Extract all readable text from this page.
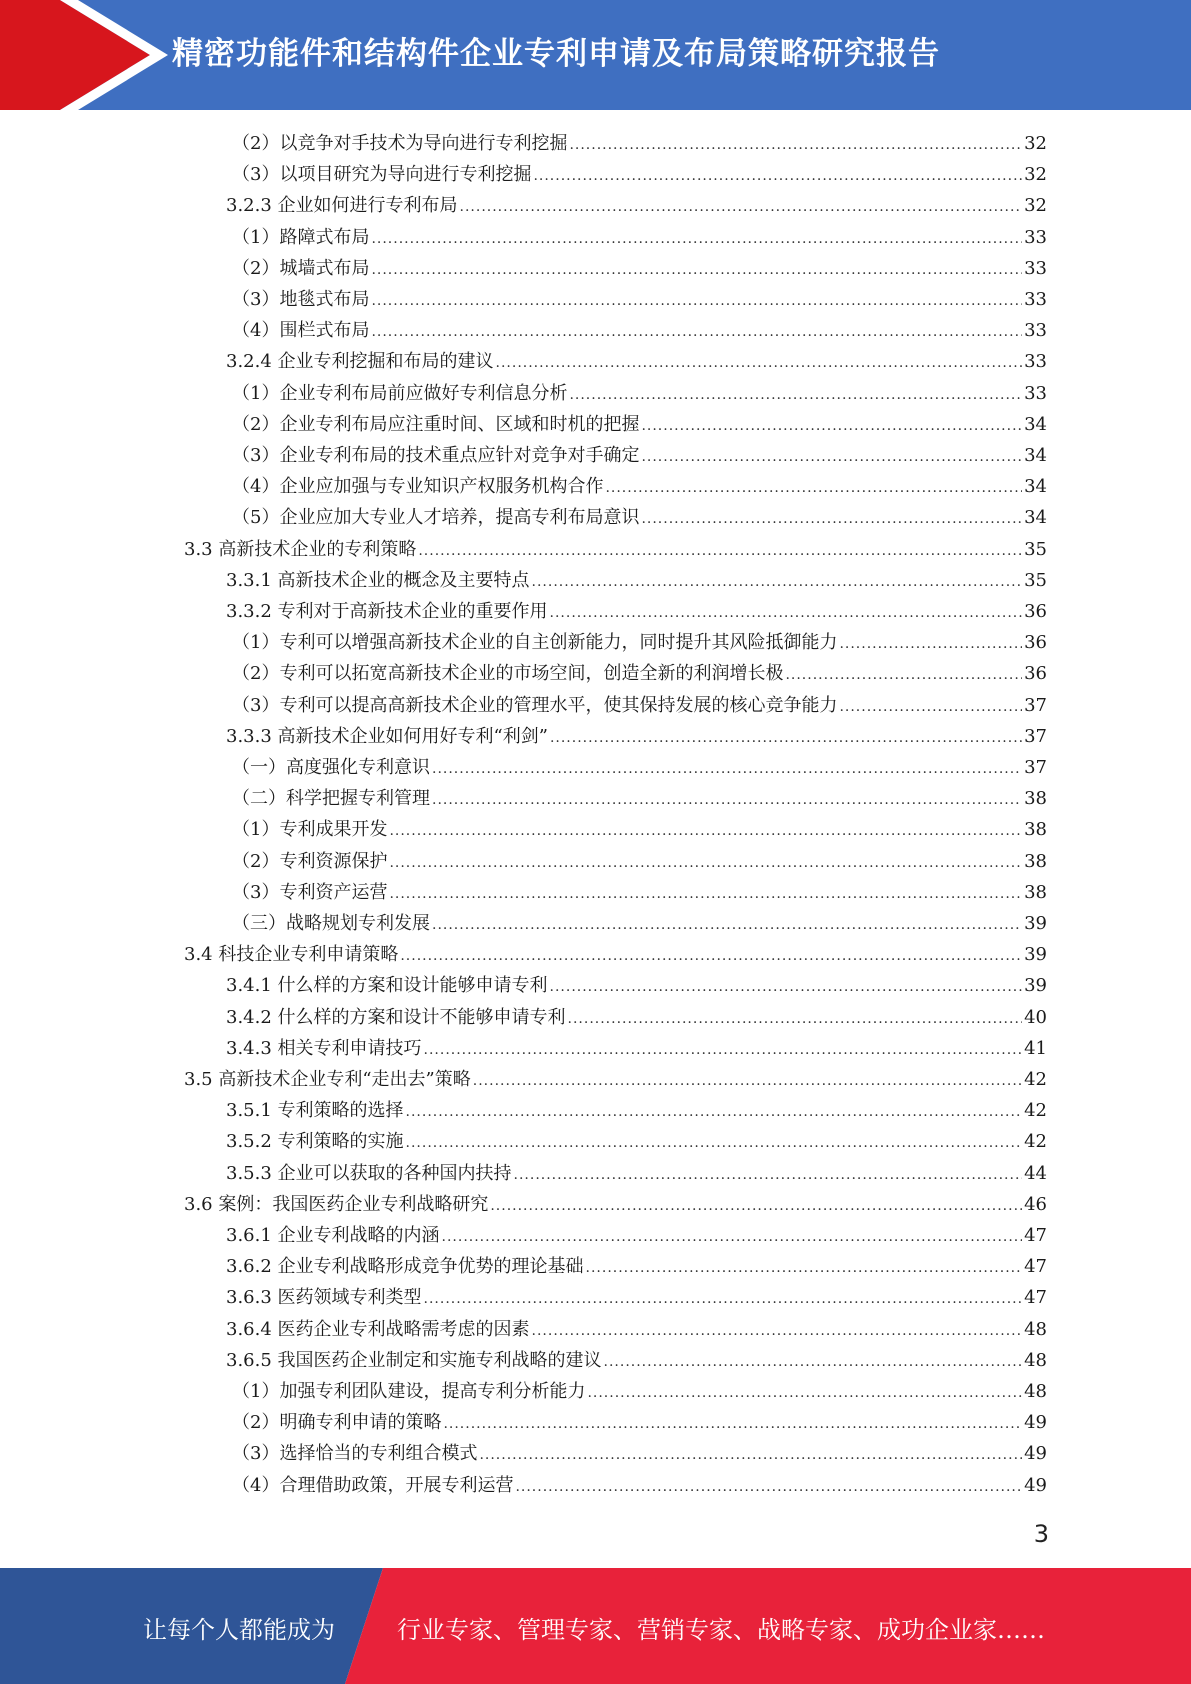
精密功能件和结构件企业专利申请及布局策略研究报告
（2）以竞争对手技术为导向进行专利挖掘 .....	32
（3）以项目研究为导向进行专利挖掘 .....	32
3.2.3 企业如何进行专利布局 .....	32
（1）路障式布局 .....	33
（2）城墙式布局 .....	33
（3）地毯式布局 .....	33
（4）围栏式布局 .....	33
3.2.4 企业专利挖掘和布局的建议 .....	33
（1）企业专利布局前应做好专利信息分析 .....	33
（2）企业专利布局应注重时间、区域和时机的把握 .....	34
（3）企业专利布局的技术重点应针对竞争对手确定 .....	34
（4）企业应加强与专业知识产权服务机构合作 .....	34
（5）企业应加大专业人才培养，提高专利布局意识 .....	34
3.3 高新技术企业的专利策略 .....	35
3.3.1 高新技术企业的概念及主要特点 .....	35
3.3.2 专利对于高新技术企业的重要作用 .....	36
（1）专利可以增强高新技术企业的自主创新能力，同时提升其风险抵御能力 .....	36
（2）专利可以拓宽高新技术企业的市场空间，创造全新的利润增长极 .....	36
（3）专利可以提高高新技术企业的管理水平，使其保持发展的核心竞争能力 .....	37
3.3.3 高新技术企业如何用好专利“利剑” .....	37
（一）高度强化专利意识 .....	37
（二）科学把握专利管理 .....	38
（1）专利成果开发 .....	38
（2）专利资源保护 .....	38
（3）专利资产运营 .....	38
（三）战略规划专利发展 .....	39
3.4 科技企业专利申请策略 .....	39
3.4.1 什么样的方案和设计能够申请专利 .....	39
3.4.2 什么样的方案和设计不能够申请专利 .....	40
3.4.3 相关专利申请技巧 .....	41
3.5 高新技术企业专利“走出去”策略 .....	42
3.5.1 专利策略的选择 .....	42
3.5.2 专利策略的实施 .....	42
3.5.3 企业可以获取的各种国内扶持 .....	44
3.6 案例：我国医药企业专利战略研究 .....	46
3.6.1 企业专利战略的内涵 .....	47
3.6.2 企业专利战略形成竞争优势的理论基础 .....	47
3.6.3 医药领域专利类型 .....	47
3.6.4 医药企业专利战略需考虑的因素 .....	48
3.6.5 我国医药企业制定和实施专利战略的建议 .....	48
（1）加强专利团队建设，提高专利分析能力 .....	48
（2）明确专利申请的策略 .....	49
（3）选择恰当的专利组合模式 .....	49
（4）合理借助政策，开展专利运营 .....	49
3
让每个人都能成为	行业专家、管理专家、营销专家、战略专家、成功企业家……
